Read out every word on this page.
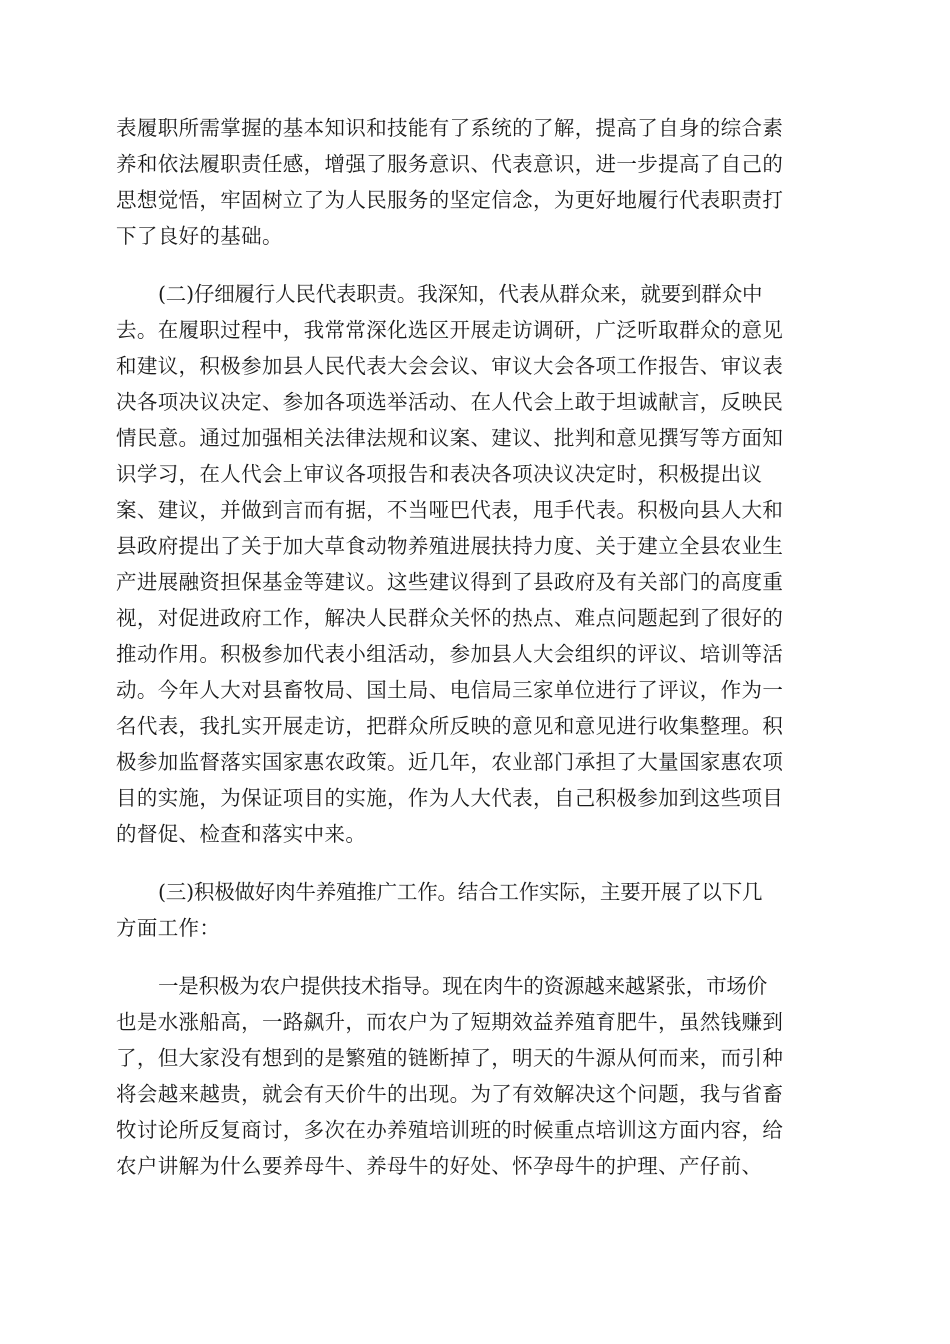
表履职所需掌握的基本知识和技能有了系统的了解，提高了自身的综合素
养和依法履职责任感，增强了服务意识、代表意识，进一步提高了自己的
思想觉悟，牢固树立了为人民服务的坚定信念，为更好地履行代表职责打
下了良好的基础。
(二)仔细履行人民代表职责。我深知，代表从群众来，就要到群众中
去。在履职过程中，我常常深化选区开展走访调研，广泛听取群众的意见
和建议，积极参加县人民代表大会会议、审议大会各项工作报告、审议表
决各项决议决定、参加各项选举活动、在人代会上敢于坦诚献言，反映民
情民意。通过加强相关法律法规和议案、建议、批判和意见撰写等方面知
识学习，在人代会上审议各项报告和表决各项决议决定时，积极提出议
案、建议，并做到言而有据，不当哑巴代表，甩手代表。积极向县人大和
县政府提出了关于加大草食动物养殖进展扶持力度、关于建立全县农业生
产进展融资担保基金等建议。这些建议得到了县政府及有关部门的高度重
视，对促进政府工作，解决人民群众关怀的热点、难点问题起到了很好的
推动作用。积极参加代表小组活动，参加县人大会组织的评议、培训等活
动。今年人大对县畜牧局、国土局、电信局三家单位进行了评议，作为一
名代表，我扎实开展走访，把群众所反映的意见和意见进行收集整理。积
极参加监督落实国家惠农政策。近几年，农业部门承担了大量国家惠农项
目的实施，为保证项目的实施，作为人大代表，自己积极参加到这些项目
的督促、检查和落实中来。
(三)积极做好肉牛养殖推广工作。结合工作实际，主要开展了以下几
方面工作：
一是积极为农户提供技术指导。现在肉牛的资源越来越紧张，市场价
也是水涨船高，一路飙升，而农户为了短期效益养殖育肥牛，虽然钱赚到
了，但大家没有想到的是繁殖的链断掉了，明天的牛源从何而来，而引种
将会越来越贵，就会有天价牛的出现。为了有效解决这个问题，我与省畜
牧讨论所反复商讨，多次在办养殖培训班的时候重点培训这方面内容，给
农户讲解为什么要养母牛、养母牛的好处、怀孕母牛的护理、产仔前、
